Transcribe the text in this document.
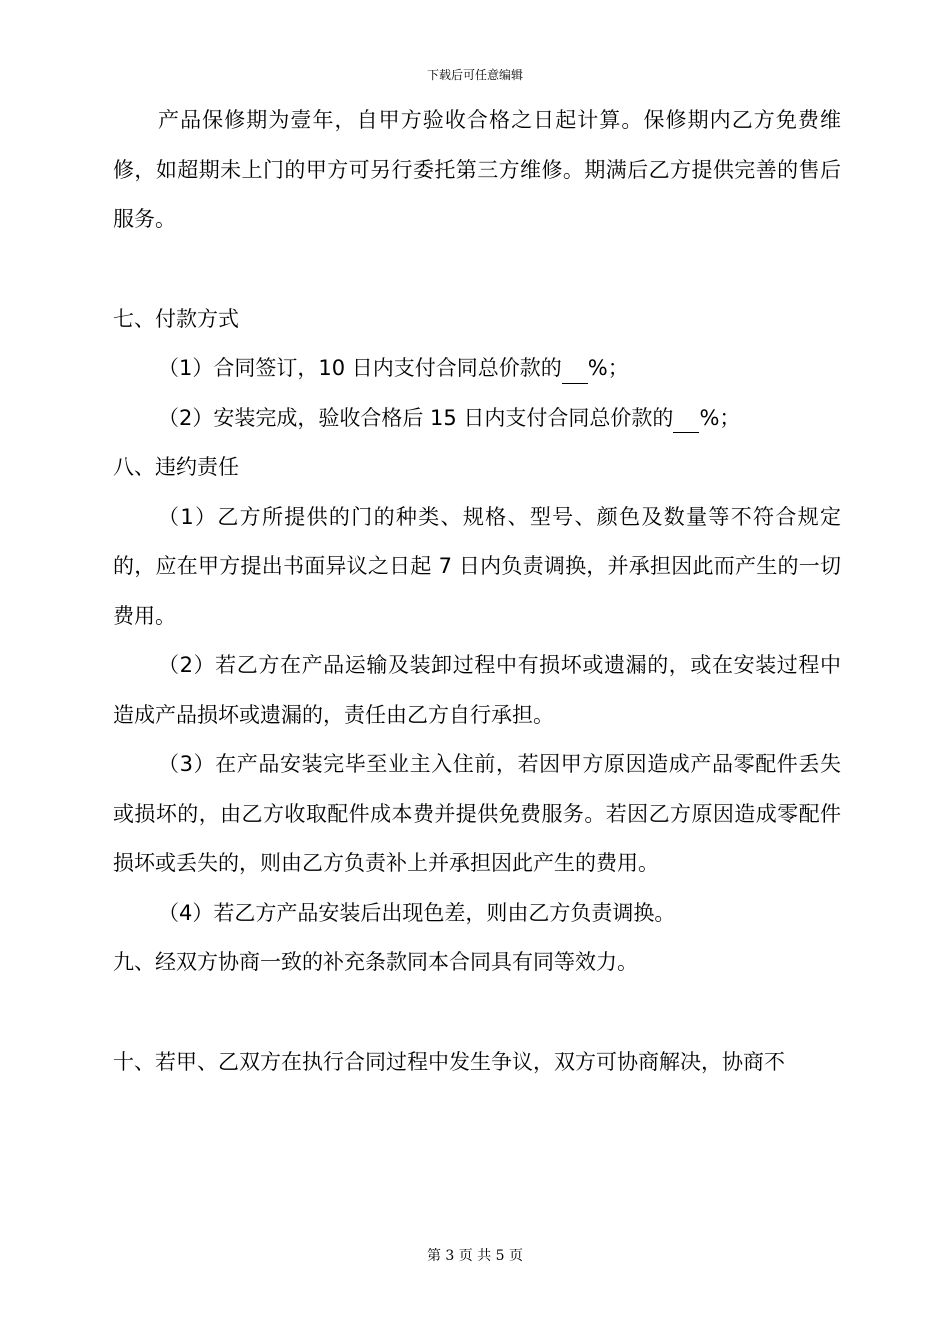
下载后可任意编辑

产品保修期为壹年，自甲方验收合格之日起计算。保修期内乙方免费维修，如超期未上门的甲方可另行委托第三方维修。期满后乙方提供完善的售后服务。

七、付款方式

（1）合同签订，10 日内支付合同总价款的 %；

（2）安装完成，验收合格后 15 日内支付合同总价款的 %；

八、违约责任

（1）乙方所提供的门的种类、规格、型号、颜色及数量等不符合规定的，应在甲方提出书面异议之日起 7 日内负责调换，并承担因此而产生的一切费用。

（2）若乙方在产品运输及装卸过程中有损坏或遗漏的，或在安装过程中造成产品损坏或遗漏的，责任由乙方自行承担。

（3）在产品安装完毕至业主入住前，若因甲方原因造成产品零配件丢失或损坏的，由乙方收取配件成本费并提供免费服务。若因乙方原因造成零配件损坏或丢失的，则由乙方负责补上并承担因此产生的费用。

（4）若乙方产品安装后出现色差，则由乙方负责调换。

九、经双方协商一致的补充条款同本合同具有同等效力。

十、若甲、乙双方在执行合同过程中发生争议，双方可协商解决，协商不

第 3 页 共 5 页
